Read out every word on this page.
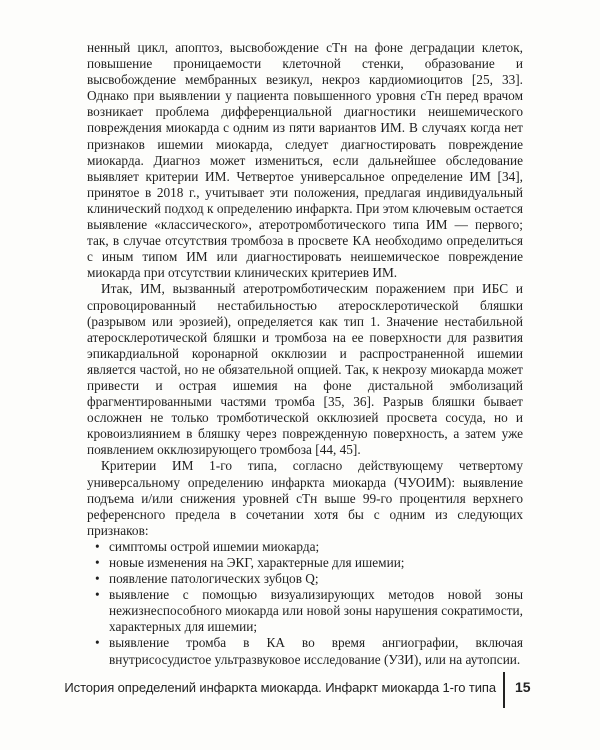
ненный цикл, апоптоз, высвобождение сТн на фоне деградации клеток, повышение проницаемости клеточной стенки, образование и высвобождение мембранных везикул, некроз кардиомиоцитов [25, 33]. Однако при выявлении у пациента повышенного уровня сТн перед врачом возникает проблема дифференциальной диагностики неишемического повреждения миокарда с одним из пяти вариантов ИМ. В случаях когда нет признаков ишемии миокарда, следует диагностировать повреждение миокарда. Диагноз может измениться, если дальнейшее обследование выявляет критерии ИМ. Четвертое универсальное определение ИМ [34], принятое в 2018 г., учитывает эти положения, предлагая индивидуальный клинический подход к определению инфаркта. При этом ключевым остается выявление «классического», атеротромботического типа ИМ — первого; так, в случае отсутствия тромбоза в просвете КА необходимо определиться с иным типом ИМ или диагностировать неишемическое повреждение миокарда при отсутствии клинических критериев ИМ.

Итак, ИМ, вызванный атеротромботическим поражением при ИБС и спровоцированный нестабильностью атеросклеротической бляшки (разрывом или эрозией), определяется как тип 1. Значение нестабильной атеросклеротической бляшки и тромбоза на ее поверхности для развития эпикардиальной коронарной окклюзии и распространенной ишемии является частой, но не обязательной опцией. Так, к некрозу миокарда может привести и острая ишемия на фоне дистальной эмболизаций фрагментированными частями тромба [35, 36]. Разрыв бляшки бывает осложнен не только тромботической окклюзией просвета сосуда, но и кровоизлиянием в бляшку через поврежденную поверхность, а затем уже появлением окклюзирующего тромбоза [44, 45].

Критерии ИМ 1-го типа, согласно действующему четвертому универсальному определению инфаркта миокарда (ЧУОИМ): выявление подъема и/или снижения уровней сТн выше 99-го процентиля верхнего референсного предела в сочетании хотя бы с одним из следующих признаков:

• симптомы острой ишемии миокарда;
• новые изменения на ЭКГ, характерные для ишемии;
• появление патологических зубцов Q;
• выявление с помощью визуализирующих методов новой зоны нежизнеспособного миокарда или новой зоны нарушения сократимости, характерных для ишемии;
• выявление тромба в КА во время ангиографии, включая внутрисосудистое ультразвуковое исследование (УЗИ), или на аутопсии.
История определений инфаркта миокарда. Инфаркт миокарда 1-го типа 15
